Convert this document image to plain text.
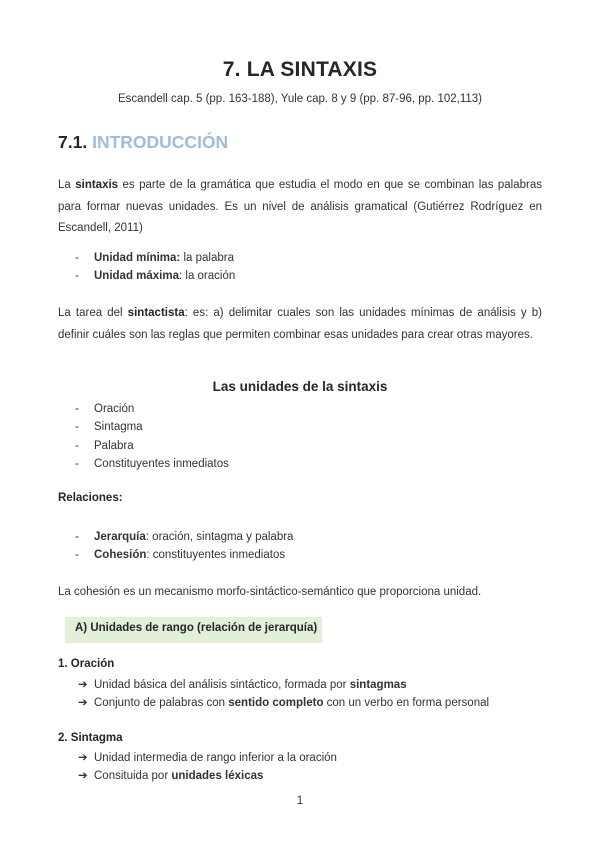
7. LA SINTAXIS
Escandell cap. 5 (pp. 163-188), Yule cap. 8 y 9 (pp. 87-96, pp. 102,113)
7.1. INTRODUCCIÓN
La sintaxis es parte de la gramática que estudia el modo en que se combinan las palabras para formar nuevas unidades. Es un nivel de análisis gramatical (Gutiérrez Rodríguez en Escandell, 2011)
- Unidad mínima: la palabra
- Unidad máxima: la oración
La tarea del sintactista: es: a) delimitar cuales son las unidades mínimas de análisis y b) definir cuáles son las reglas que permiten combinar esas unidades para crear otras mayores.
Las unidades de la sintaxis
- Oración
- Sintagma
- Palabra
- Constituyentes inmediatos
Relaciones:
- Jerarquía: oración, sintagma y palabra
- Cohesión: constituyentes inmediatos
La cohesión es un mecanismo morfo-sintáctico-semántico que proporciona unidad.
A) Unidades de rango (relación de jerarquía)
1. Oración
➔ Unidad básica del análisis sintáctico, formada por sintagmas
➔ Conjunto de palabras con sentido completo con un verbo en forma personal
2. Sintagma
➔ Unidad intermedia de rango inferior a la oración
➔ Consituida por unidades léxicas
1
